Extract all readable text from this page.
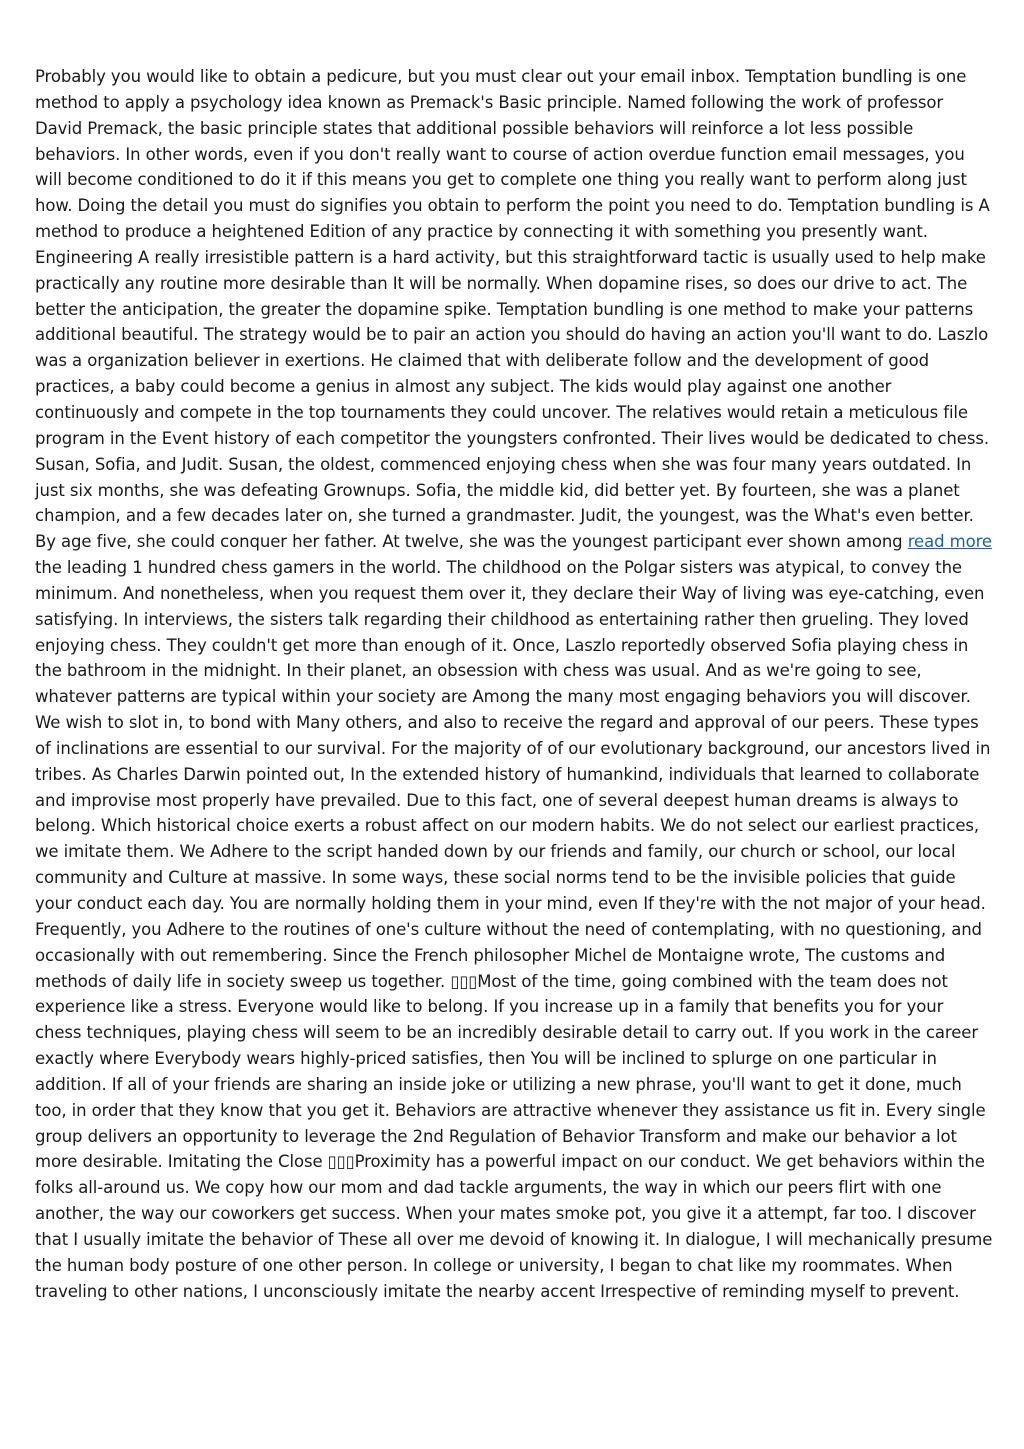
Probably you would like to obtain a pedicure, but you must clear out your email inbox. Temptation bundling is one method to apply a psychology idea known as Premack's Basic principle. Named following the work of professor David Premack, the basic principle states that additional possible behaviors will reinforce a lot less possible behaviors. In other words, even if you don't really want to course of action overdue function email messages, you will become conditioned to do it if this means you get to complete one thing you really want to perform along just how. Doing the detail you must do signifies you obtain to perform the point you need to do. Temptation bundling is A method to produce a heightened Edition of any practice by connecting it with something you presently want. Engineering A really irresistible pattern is a hard activity, but this straightforward tactic is usually used to help make practically any routine more desirable than It will be normally. When dopamine rises, so does our drive to act. The better the anticipation, the greater the dopamine spike. Temptation bundling is one method to make your patterns additional beautiful. The strategy would be to pair an action you should do having an action you'll want to do. Laszlo was a organization believer in exertions. He claimed that with deliberate follow and the development of good practices, a baby could become a genius in almost any subject. The kids would play against one another continuously and compete in the top tournaments they could uncover. The relatives would retain a meticulous file program in the Event history of each competitor the youngsters confronted. Their lives would be dedicated to chess. Susan, Sofia, and Judit. Susan, the oldest, commenced enjoying chess when she was four many years outdated. In just six months, she was defeating Grownups. Sofia, the middle kid, did better yet. By fourteen, she was a planet champion, and a few decades later on, she turned a grandmaster. Judit, the youngest, was the What's even better. By age five, she could conquer her father. At twelve, she was the youngest participant ever shown among read more the leading 1 hundred chess gamers in the world. The childhood on the Polgar sisters was atypical, to convey the minimum. And nonetheless, when you request them over it, they declare their Way of living was eye-catching, even satisfying. In interviews, the sisters talk regarding their childhood as entertaining rather then grueling. They loved enjoying chess. They couldn't get more than enough of it. Once, Laszlo reportedly observed Sofia playing chess in the bathroom in the midnight. In their planet, an obsession with chess was usual. And as we're going to see, whatever patterns are typical within your society are Among the many most engaging behaviors you will discover. We wish to slot in, to bond with Many others, and also to receive the regard and approval of our peers. These types of inclinations are essential to our survival. For the majority of of our evolutionary background, our ancestors lived in tribes. As Charles Darwin pointed out, In the extended history of humankind, individuals that learned to collaborate and improvise most properly have prevailed. Due to this fact, one of several deepest human dreams is always to belong. Which historical choice exerts a robust affect on our modern habits. We do not select our earliest practices, we imitate them. We Adhere to the script handed down by our friends and family, our church or school, our local community and Culture at massive. In some ways, these social norms tend to be the invisible policies that guide your conduct each day. You are normally holding them in your mind, even If they're with the not major of your head. Frequently, you Adhere to the routines of one's culture without the need of contemplating, with no questioning, and occasionally with out remembering. Since the French philosopher Michel de Montaigne wrote, The customs and methods of daily life in society sweep us together. ▯▯▯Most of the time, going combined with the team does not experience like a stress. Everyone would like to belong. If you increase up in a family that benefits you for your chess techniques, playing chess will seem to be an incredibly desirable detail to carry out. If you work in the career exactly where Everybody wears highly-priced satisfies, then You will be inclined to splurge on one particular in addition. If all of your friends are sharing an inside joke or utilizing a new phrase, you'll want to get it done, much too, in order that they know that you get it. Behaviors are attractive whenever they assistance us fit in. Every single group delivers an opportunity to leverage the 2nd Regulation of Behavior Transform and make our behavior a lot more desirable. Imitating the Close ▯▯▯Proximity has a powerful impact on our conduct. We get behaviors within the folks all-around us. We copy how our mom and dad tackle arguments, the way in which our peers flirt with one another, the way our coworkers get success. When your mates smoke pot, you give it a attempt, far too. I discover that I usually imitate the behavior of These all over me devoid of knowing it. In dialogue, I will mechanically presume the human body posture of one other person. In college or university, I began to chat like my roommates. When traveling to other nations, I unconsciously imitate the nearby accent Irrespective of reminding myself to prevent.
